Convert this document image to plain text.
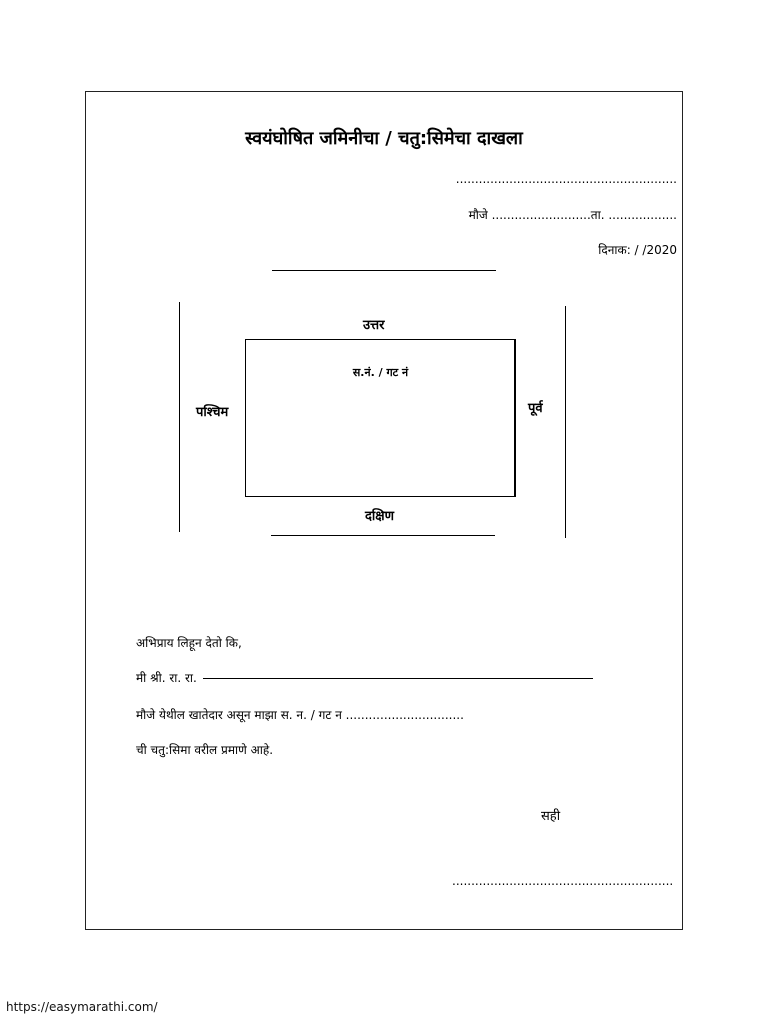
स्वयंघोषित जमिनीचा / चतु:सिमेचा दाखला
..........................................................
मौजे ..........................ता. ..................
दिनाक: / /2020
उत्तर
स.नं. / गट नं
पश्चिम	पूर्व
दक्षिण
अभिप्राय लिहून देतो कि,
मी श्री. रा. रा.
मौजे येथील खातेदार असून माझा स. न. / गट न ...............................
ची चतु:सिमा वरील प्रमाणे आहे.
सही
..........................................................
https://easymarathi.com/
